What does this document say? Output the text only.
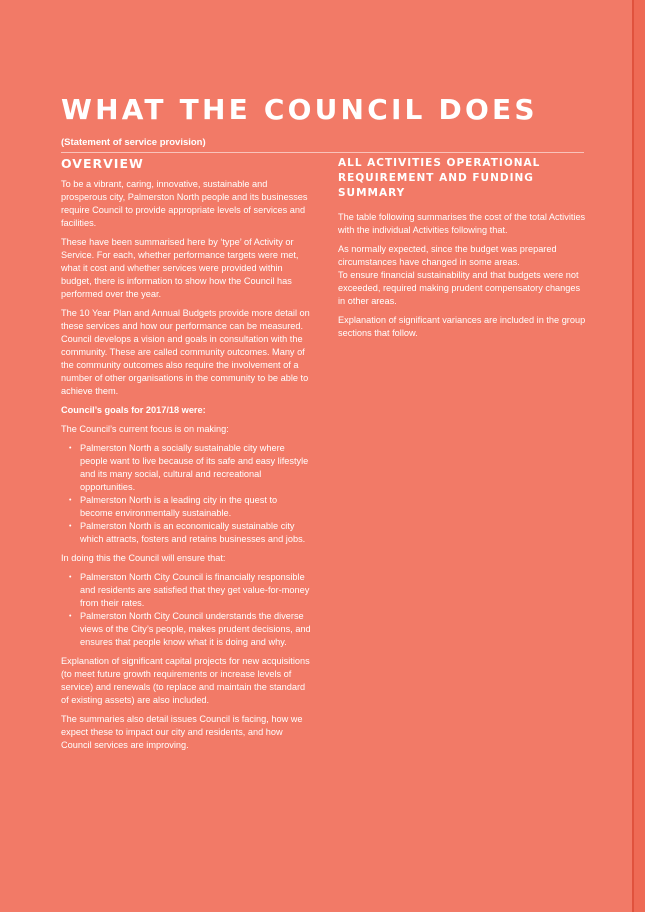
WHAT THE COUNCIL DOES

(Statement of service provision)

OVERVIEW

To be a vibrant, caring, innovative, sustainable and prosperous city, Palmerston North people and its businesses require Council to provide appropriate levels of services and facilities.

These have been summarised here by ‘type’ of Activity or Service. For each, whether performance targets were met, what it cost and whether services were provided within budget, there is information to show how the Council has performed over the year.

The 10 Year Plan and Annual Budgets provide more detail on these services and how our performance can be measured. Council develops a vision and goals in consultation with the community. These are called community outcomes. Many of the community outcomes also require the involvement of a number of other organisations in the community to be able to achieve them.

Council’s goals for 2017/18 were:

The Council’s current focus is on making:

• Palmerston North a socially sustainable city where people want to live because of its safe and easy lifestyle and its many social, cultural and recreational opportunities.
• Palmerston North is a leading city in the quest to become environmentally sustainable.
• Palmerston North is an economically sustainable city which attracts, fosters and retains businesses and jobs.

In doing this the Council will ensure that:

• Palmerston North City Council is financially responsible and residents are satisfied that they get value-for-money from their rates.
• Palmerston North City Council understands the diverse views of the City’s people, makes prudent decisions, and ensures that people know what it is doing and why.

Explanation of significant capital projects for new acquisitions (to meet future growth requirements or increase levels of service) and renewals (to replace and maintain the standard of existing assets) are also included.

The summaries also detail issues Council is facing, how we expect these to impact our city and residents, and how Council services are improving.

ALL ACTIVITIES OPERATIONAL REQUIREMENT AND FUNDING SUMMARY

The table following summarises the cost of the total Activities with the individual Activities following that.

As normally expected, since the budget was prepared circumstances have changed in some areas.

To ensure financial sustainability and that budgets were not exceeded, required making prudent compensatory changes in other areas.

Explanation of significant variances are included in the group sections that follow.
